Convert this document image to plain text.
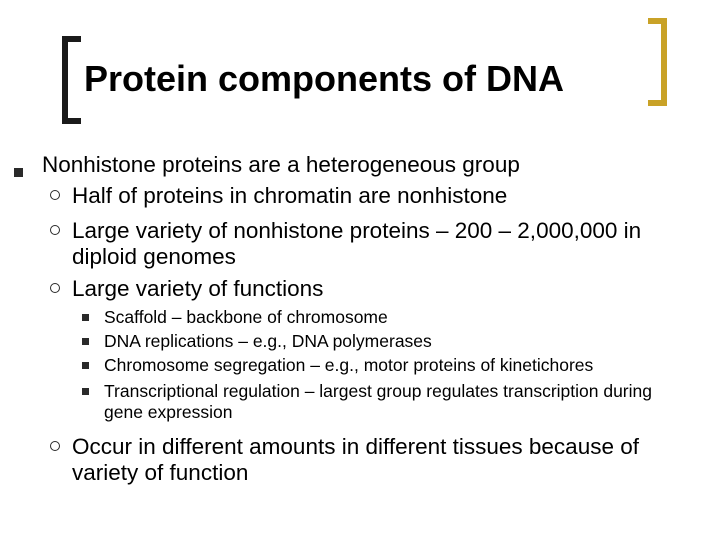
Protein components of DNA
Nonhistone proteins are a heterogeneous group
Half of proteins in chromatin are nonhistone
Large variety of nonhistone proteins – 200 – 2,000,000 in diploid genomes
Large variety of functions
Scaffold – backbone of chromosome
DNA replications – e.g., DNA polymerases
Chromosome segregation – e.g., motor proteins of kinetichores
Transcriptional regulation – largest group regulates transcription during gene expression
Occur in different amounts in different tissues because of variety of function
